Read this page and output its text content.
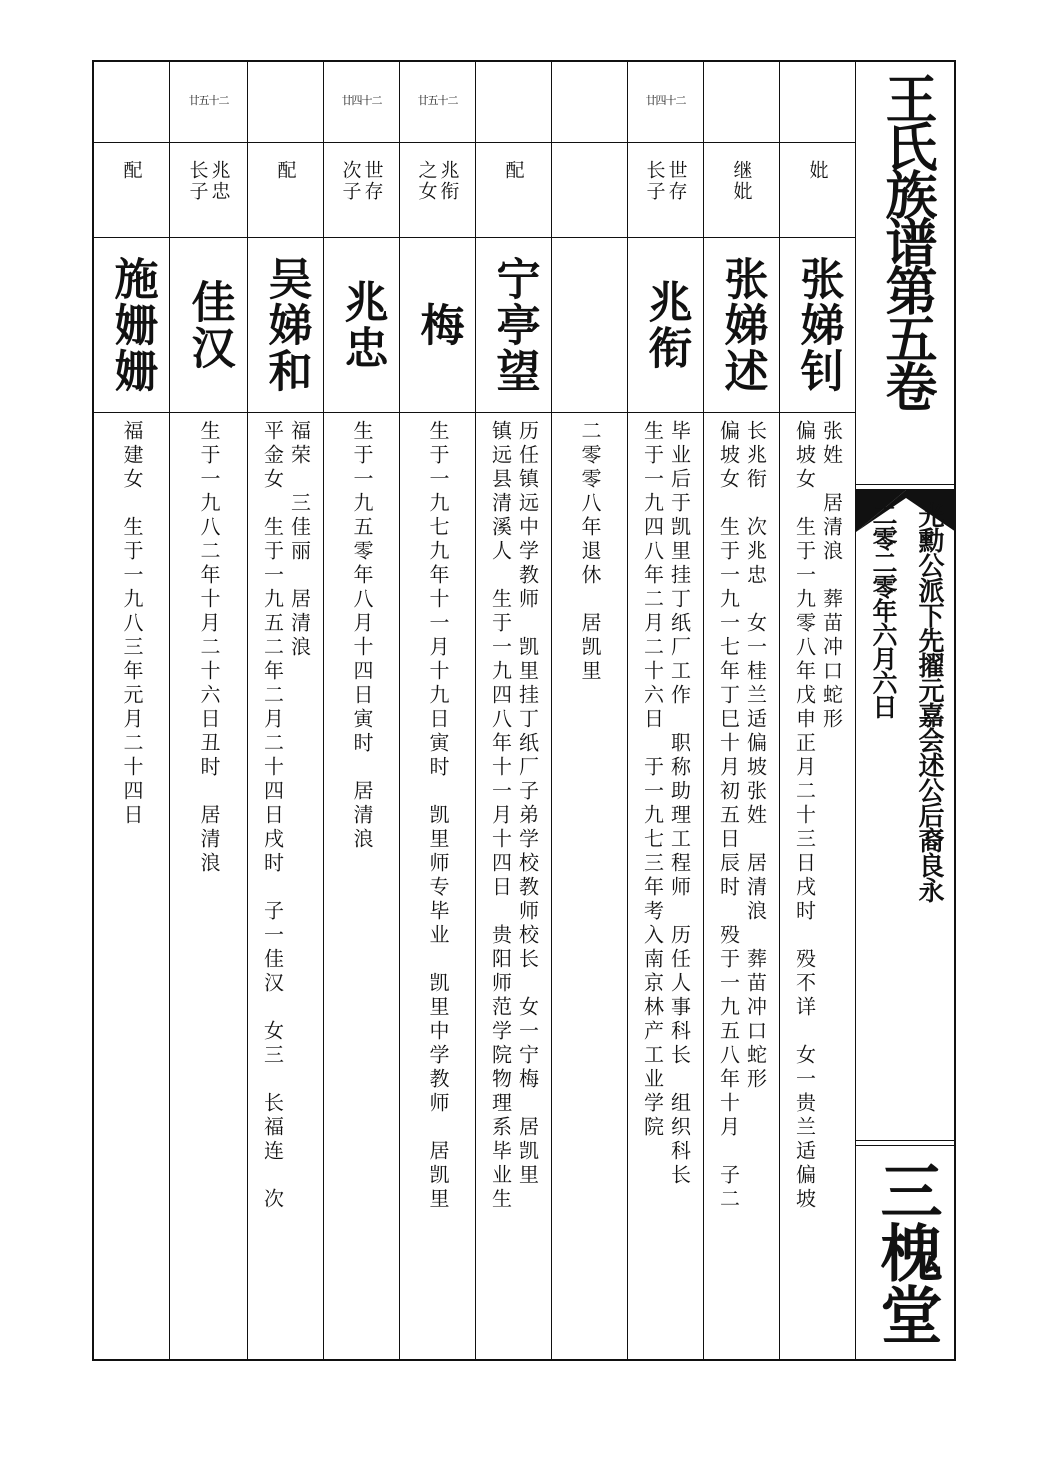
妣
张娣钊
偏坡女　生于一九零八年戊申正月二十三日戌时　殁不详　女一贵兰适偏坡 张姓　居清浪　葬苗冲口蛇形
继妣
张娣述
偏坡女　生于一九一七年丁巳十月初五日辰时　殁于一九五八年十月　子二 长兆衔　次兆忠　女一桂兰适偏坡张姓　居清浪　葬苗冲口蛇形
廿四十二
世存长子
兆衔
生于一九四八年二月二十六日　于一九七三年考入南京林产工业学院 毕业后于凯里挂丁纸厂工作　职称助理工程师　历任人事科长　组织科长
二零零八年退休　居凯里
配
宁亭望
镇远县清溪人　生于一九四八年十一月十四日　贵阳师范学院物理系毕业生 历任镇远中学教师　凯里挂丁纸厂子弟学校教师校长　女一宁梅　居凯里
廿五十二
兆衔之女
梅
生于一九七九年十一月十九日寅时　凯里师专毕业　凯里中学教师　居凯里
廿四十二
世存次子
兆忠
生于一九五零年八月十四日寅时　居清浪
配
吴娣和
平金女　生于一九五二年二月二十四日戌时　子一佳汉　女三　长福连　次 福荣　三佳丽　居清浪
廿五十二
兆忠长子
佳汉
生于一九八二年十月二十六日丑时　居清浪
配
施姗姗
福建女　生于一九八三年元月二十四日
王氏族谱第五卷
光勳公派下先擢元嘉会述公后裔良永
二零二零年六月六日
三槐堂
